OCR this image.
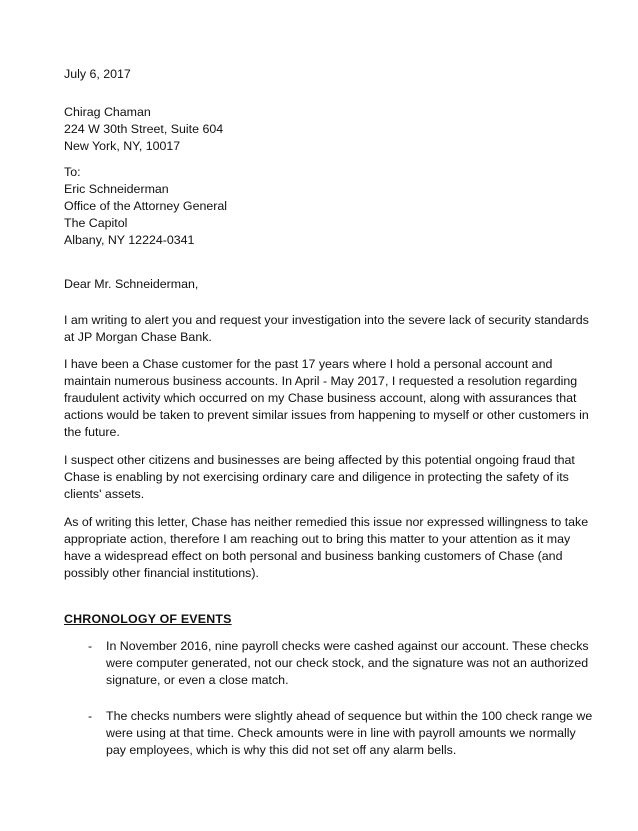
July 6, 2017
Chirag Chaman
224 W 30th Street, Suite 604
New York, NY, 10017
To:
Eric Schneiderman
Office of the Attorney General
The Capitol
Albany, NY 12224-0341
Dear Mr. Schneiderman,
I am writing to alert you and request your investigation into the severe lack of security standards
at JP Morgan Chase Bank.
I have been a Chase customer for the past 17 years where I hold a personal account and
maintain numerous business accounts. In April - May 2017, I requested a resolution regarding
fraudulent activity which occurred on my Chase business account, along with assurances that
actions would be taken to prevent similar issues from happening to myself or other customers in
the future.
I suspect other citizens and businesses are being affected by this potential ongoing fraud that
Chase is enabling by not exercising ordinary care and diligence in protecting the safety of its
clients' assets.
As of writing this letter, Chase has neither remedied this issue nor expressed willingness to take
appropriate action, therefore I am reaching out to bring this matter to your attention as it may
have a widespread effect on both personal and business banking customers of Chase (and
possibly other financial institutions).
CHRONOLOGY OF EVENTS
- In November 2016, nine payroll checks were cashed against our account. These checks
were computer generated, not our check stock, and the signature was not an authorized
signature, or even a close match.
- The checks numbers were slightly ahead of sequence but within the 100 check range we
were using at that time. Check amounts were in line with payroll amounts we normally
pay employees, which is why this did not set off any alarm bells.
